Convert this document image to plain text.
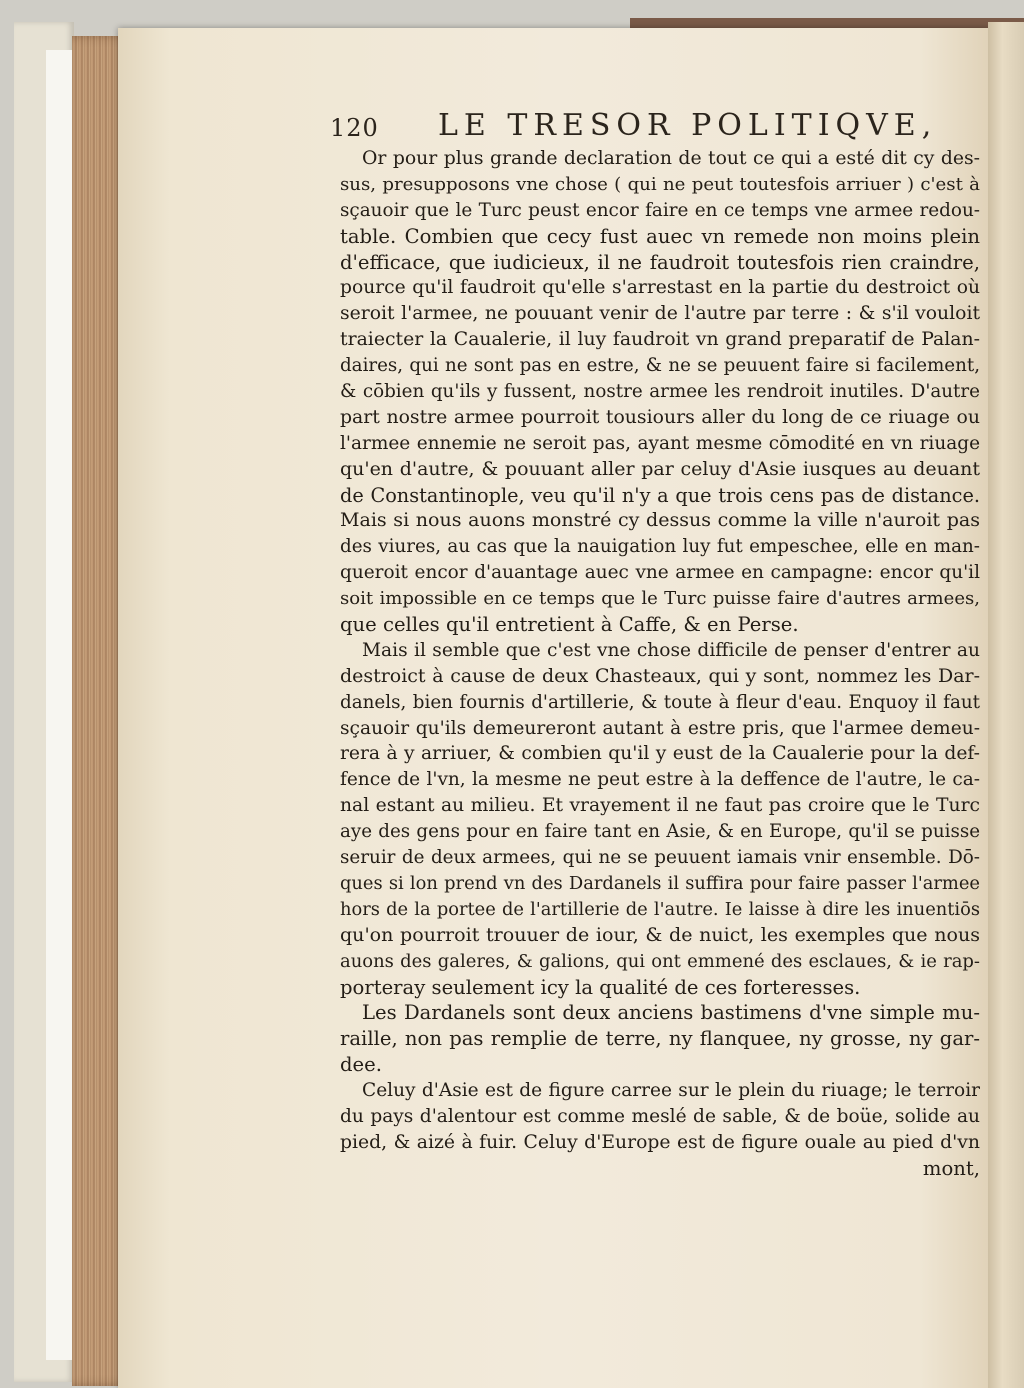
120 LE TRESOR POLITIQVE,
Or pour plus grande declaration de tout ce qui a esté dit cy des-
sus, presupposons vne chose ( qui ne peut toutesfois arriuer ) c'est à
sçauoir que le Turc peust encor faire en ce temps vne armee redou-
table. Combien que cecy fust auec vn remede non moins plein
d'efficace, que iudicieux, il ne faudroit toutesfois rien craindre,
pource qu'il faudroit qu'elle s'arrestast en la partie du destroict où
seroit l'armee, ne pouuant venir de l'autre par terre : & s'il vouloit
traiecter la Caualerie, il luy faudroit vn grand preparatif de Palan-
daires, qui ne sont pas en estre, & ne se peuuent faire si facilement,
& cōbien qu'ils y fussent, nostre armee les rendroit inutiles. D'autre
part nostre armee pourroit tousiours aller du long de ce riuage ou
l'armee ennemie ne seroit pas, ayant mesme cōmodité en vn riuage
qu'en d'autre, & pouuant aller par celuy d'Asie iusques au deuant
de Constantinople, veu qu'il n'y a que trois cens pas de distance.
Mais si nous auons monstré cy dessus comme la ville n'auroit pas
des viures, au cas que la nauigation luy fut empeschee, elle en man-
queroit encor d'auantage auec vne armee en campagne: encor qu'il
soit impossible en ce temps que le Turc puisse faire d'autres armees,
que celles qu'il entretient à Caffe, & en Perse.
Mais il semble que c'est vne chose difficile de penser d'entrer au
destroict à cause de deux Chasteaux, qui y sont, nommez les Dar-
danels, bien fournis d'artillerie, & toute à fleur d'eau. Enquoy il faut
sçauoir qu'ils demeureront autant à estre pris, que l'armee demeu-
rera à y arriuer, & combien qu'il y eust de la Caualerie pour la def-
fence de l'vn, la mesme ne peut estre à la deffence de l'autre, le ca-
nal estant au milieu. Et vrayement il ne faut pas croire que le Turc
aye des gens pour en faire tant en Asie, & en Europe, qu'il se puisse
seruir de deux armees, qui ne se peuuent iamais vnir ensemble. Dō-
ques si lon prend vn des Dardanels il suffira pour faire passer l'armee
hors de la portee de l'artillerie de l'autre. Ie laisse à dire les inuentiōs
qu'on pourroit trouuer de iour, & de nuict, les exemples que nous
auons des galeres, & galions, qui ont emmené des esclaues, & ie rap-
porteray seulement icy la qualité de ces forteresses.
Les Dardanels sont deux anciens bastimens d'vne simple mu-
raille, non pas remplie de terre, ny flanquee, ny grosse, ny gar-
dee.
Celuy d'Asie est de figure carree sur le plein du riuage; le terroir
du pays d'alentour est comme meslé de sable, & de boüe, solide au
pied, & aizé à fuir. Celuy d'Europe est de figure ouale au pied d'vn
mont,
